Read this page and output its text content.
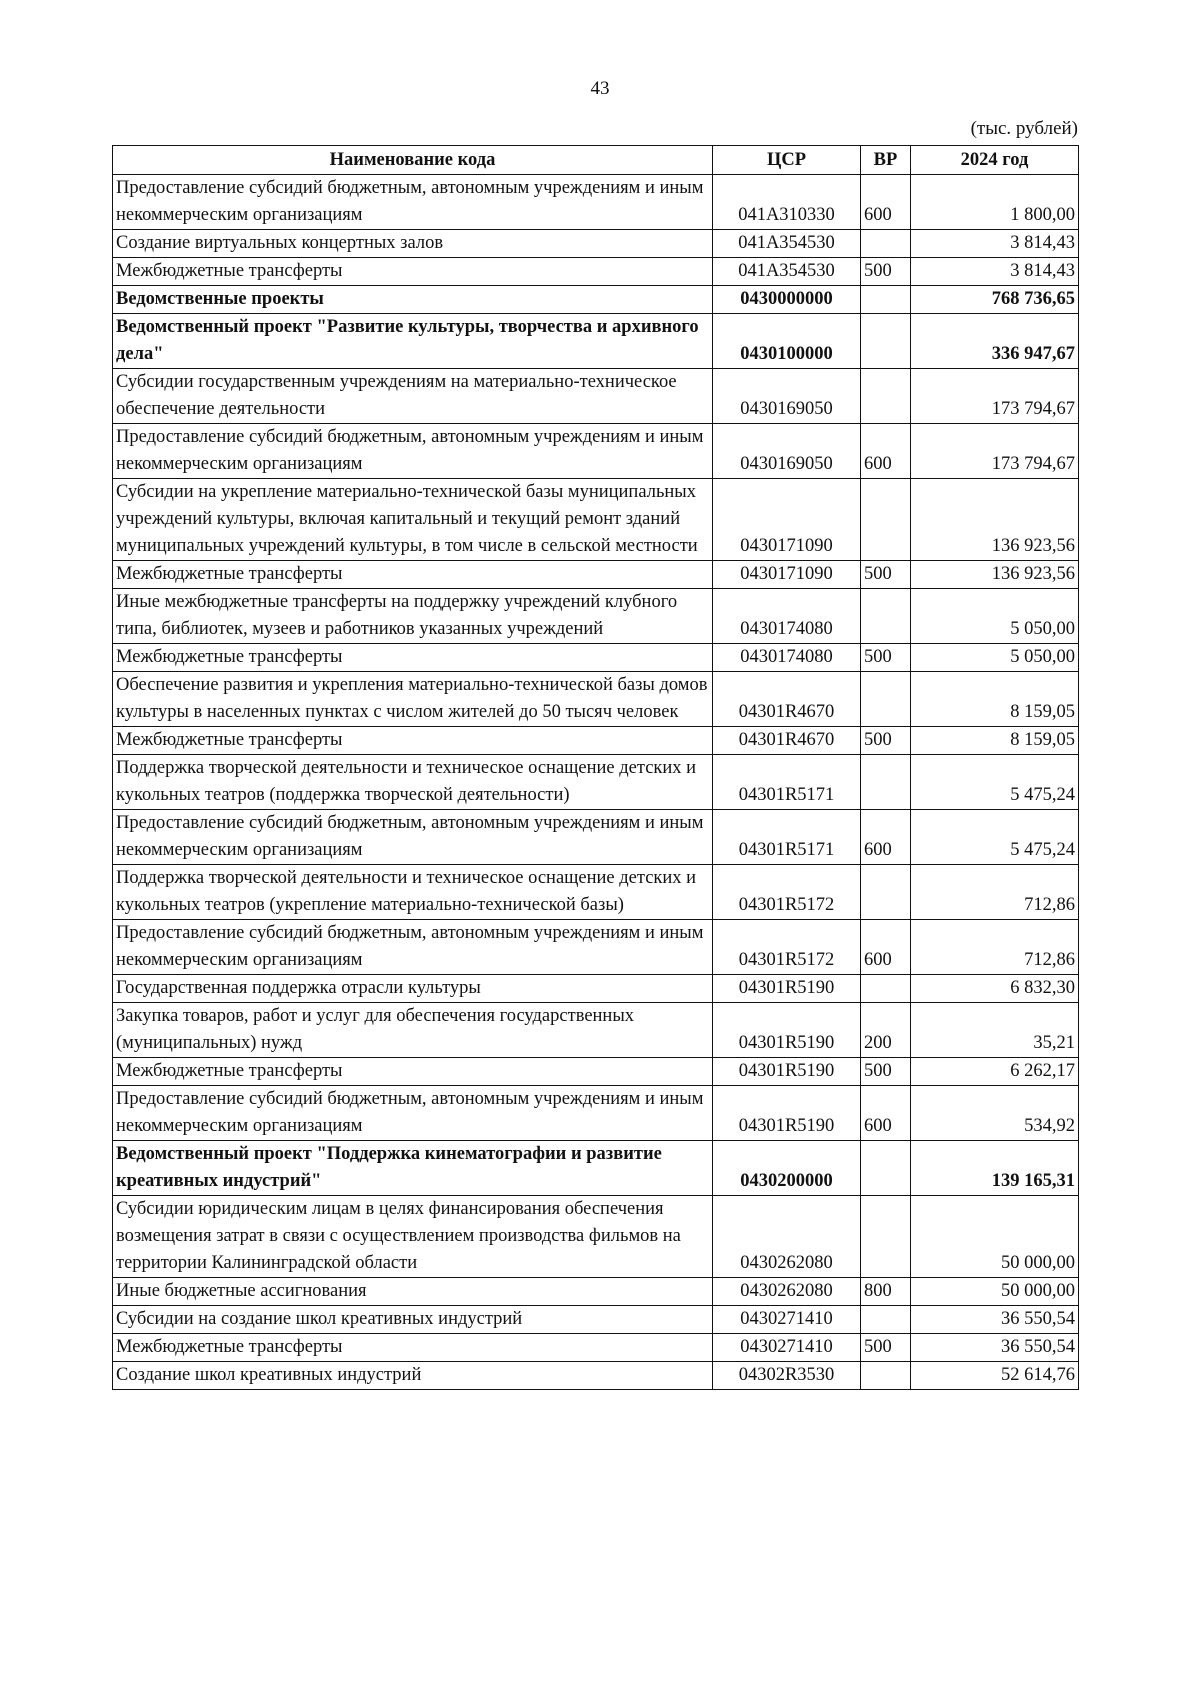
43
(тыс. рублей)
Наименование кода	ЦСР	ВР	2024 год
Предоставление субсидий бюджетным, автономным учреждениям и иным некоммерческим организациям	041A310330	600	1 800,00
Создание виртуальных концертных залов	041A354530		3 814,43
Межбюджетные трансферты	041A354530	500	3 814,43
Ведомственные проекты	0430000000		768 736,65
Ведомственный проект "Развитие культуры, творчества и архивного дела"	0430100000		336 947,67
Субсидии государственным учреждениям на материально-техническое обеспечение деятельности	0430169050		173 794,67
Предоставление субсидий бюджетным, автономным учреждениям и иным некоммерческим организациям	0430169050	600	173 794,67
Субсидии на укрепление материально-технической базы муниципальных учреждений культуры, включая капитальный и текущий ремонт зданий муниципальных учреждений культуры, в том числе в сельской местности	0430171090		136 923,56
Межбюджетные трансферты	0430171090	500	136 923,56
Иные межбюджетные трансферты на поддержку учреждений клубного типа, библиотек, музеев и работников указанных учреждений	0430174080		5 050,00
Межбюджетные трансферты	0430174080	500	5 050,00
Обеспечение развития и укрепления материально-технической базы домов культуры в населенных пунктах с числом жителей до 50 тысяч человек	04301R4670		8 159,05
Межбюджетные трансферты	04301R4670	500	8 159,05
Поддержка творческой деятельности и техническое оснащение детских и кукольных театров (поддержка творческой деятельности)	04301R5171		5 475,24
Предоставление субсидий бюджетным, автономным учреждениям и иным некоммерческим организациям	04301R5171	600	5 475,24
Поддержка творческой деятельности и техническое оснащение детских и кукольных театров (укрепление материально-технической базы)	04301R5172		712,86
Предоставление субсидий бюджетным, автономным учреждениям и иным некоммерческим организациям	04301R5172	600	712,86
Государственная поддержка отрасли культуры	04301R5190		6 832,30
Закупка товаров, работ и услуг для обеспечения государственных (муниципальных) нужд	04301R5190	200	35,21
Межбюджетные трансферты	04301R5190	500	6 262,17
Предоставление субсидий бюджетным, автономным учреждениям и иным некоммерческим организациям	04301R5190	600	534,92
Ведомственный проект "Поддержка кинематографии и развитие креативных индустрий"	0430200000		139 165,31
Субсидии юридическим лицам в целях финансирования обеспечения возмещения затрат в связи с осуществлением производства фильмов на территории Калининградской области	0430262080		50 000,00
Иные бюджетные ассигнования	0430262080	800	50 000,00
Субсидии на создание школ креативных индустрий	0430271410		36 550,54
Межбюджетные трансферты	0430271410	500	36 550,54
Создание школ креативных индустрий	04302R3530		52 614,76
